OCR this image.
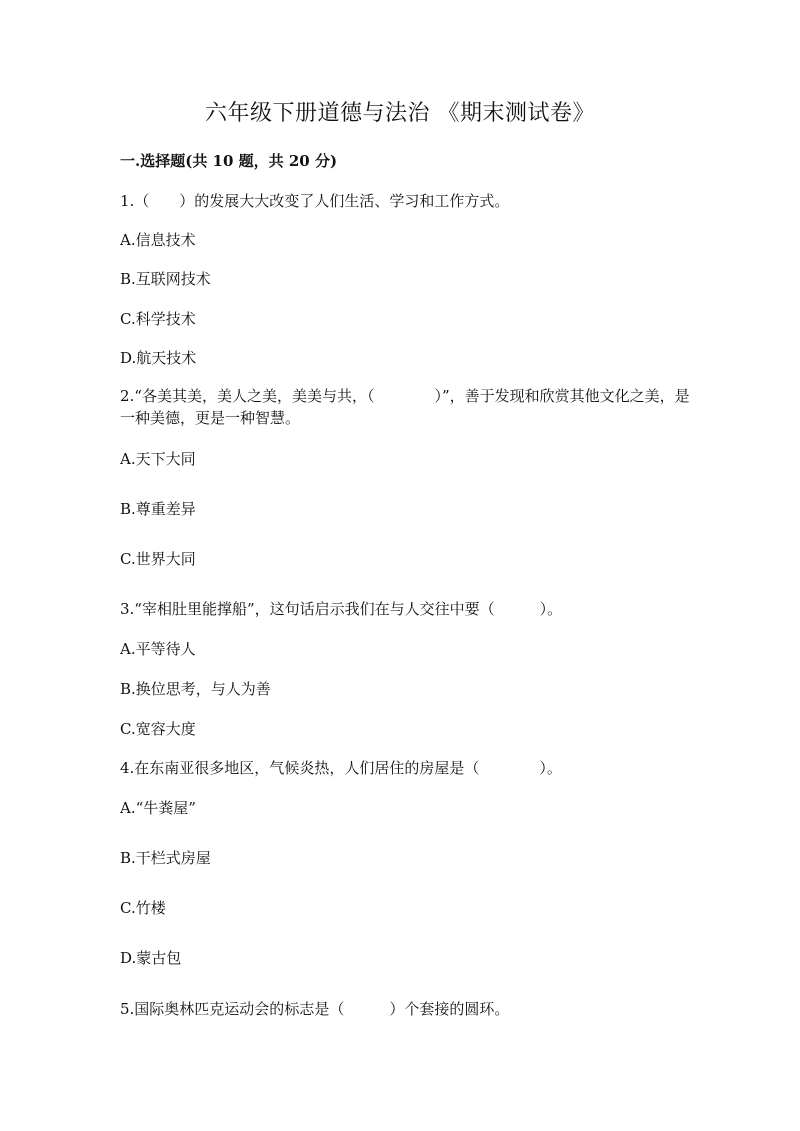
六年级下册道德与法治 《期末测试卷》
一.选择题(共 10 题，共 20 分)
1.（　　）的发展大大改变了人们生活、学习和工作方式。
A.信息技术
B.互联网技术
C.科学技术
D.航天技术
2.“各美其美，美人之美，美美与共，（　　　　）”，善于发现和欣赏其他文化之美，是一种美德，更是一种智慧。
A.天下大同
B.尊重差异
C.世界大同
3.“宰相肚里能撑船”，这句话启示我们在与人交往中要（　　　）。
A.平等待人
B.换位思考，与人为善
C.宽容大度
4.在东南亚很多地区，气候炎热，人们居住的房屋是（　　　　）。
A.“牛粪屋”
B.干栏式房屋
C.竹楼
D.蒙古包
5.国际奥林匹克运动会的标志是（　　　）个套接的圆环。
